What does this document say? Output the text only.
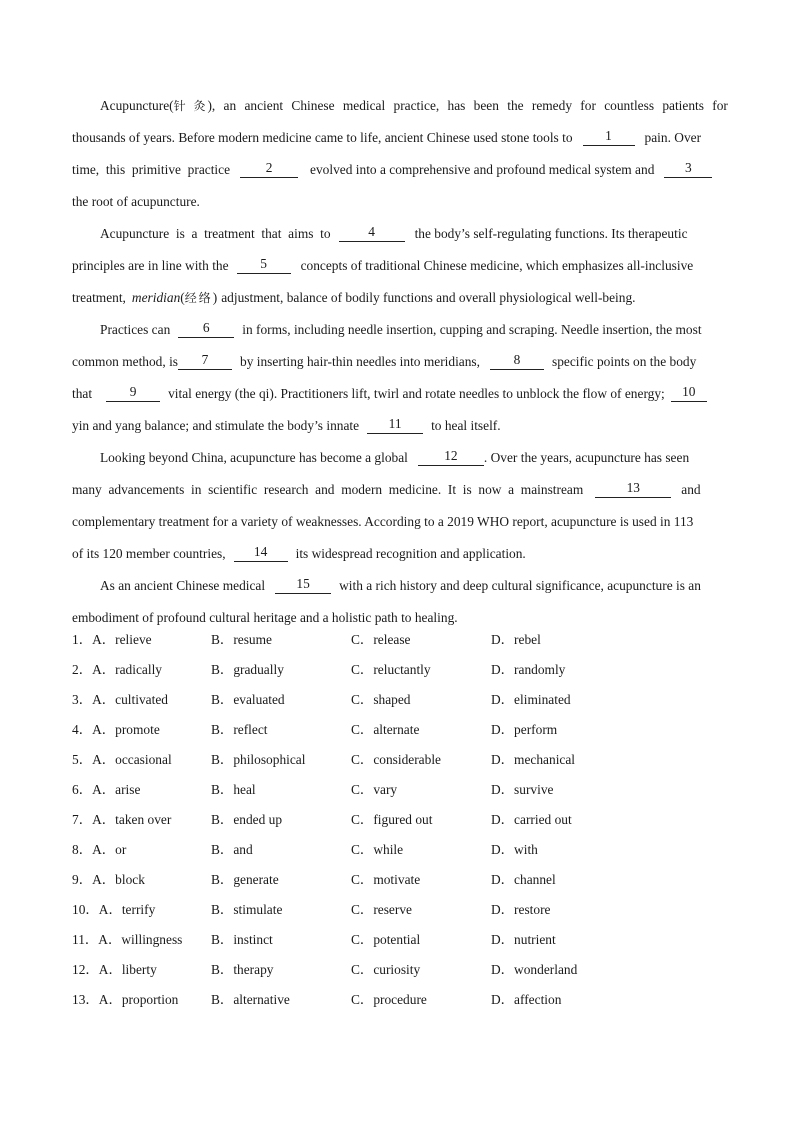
Acupuncture(针 灸), an ancient Chinese medical practice, has been the remedy for countless patients for
thousands of years. Before modern medicine came to life, ancient Chinese used stone tools to	1	pain. Over
time,  this  primitive  practice	2	evolved into a comprehensive and profound medical system and	3
the root of acupuncture.
Acupuncture  is  a  treatment  that  aims  to	4	the body’s self-regulating functions. Its therapeutic
principles are in line with the	5	concepts of traditional Chinese medicine, which emphasizes all-inclusive
treatment, meridian ( 经络 ) adjustment, balance of bodily functions and overall physiological well-being.
Practices can	6	in forms, including needle insertion, cupping and scraping. Needle insertion, the most
common method, is	7	by inserting hair-thin needles into meridians,	8	specific points on the body
that	9	vital energy (the qi). Practitioners lift, twirl and rotate needles to unblock the flow of energy;	10
yin and yang balance; and stimulate the body’s innate	11	to heal itself.
Looking beyond China, acupuncture has become a global	12	. Over the years, acupuncture has seen
many  advancements  in  scientific  research  and  modern  medicine.  It  is  now  a  mainstream	13	and
complementary treatment for a variety of weaknesses. According to a 2019 WHO report, acupuncture is used in 113
of its 120 member countries,	14	its widespread recognition and application.
As an ancient Chinese medical	15	with a rich history and deep cultural significance, acupuncture is an
embodiment of profound cultural heritage and a holistic path to healing.
1．A．relieve	B．resume	C．release	D．rebel
2．A．radically	B．gradually	C．reluctantly	D．randomly
3．A．cultivated	B．evaluated	C．shaped	D．eliminated
4．A．promote	B．reflect	C．alternate	D．perform
5．A．occasional	B．philosophical	C．considerable	D．mechanical
6．A．arise	B．heal	C．vary	D．survive
7．A．taken over	B．ended up	C．figured out	D．carried out
8．A．or	B．and	C．while	D．with
9．A．block	B．generate	C．motivate	D．channel
10．A．terrify	B．stimulate	C．reserve	D．restore
11．A．willingness B．instinct	C．potential	D．nutrient
12．A．liberty	B．therapy	C．curiosity	D．wonderland
13．A．proportion B．alternative	C．procedure	D．affection
